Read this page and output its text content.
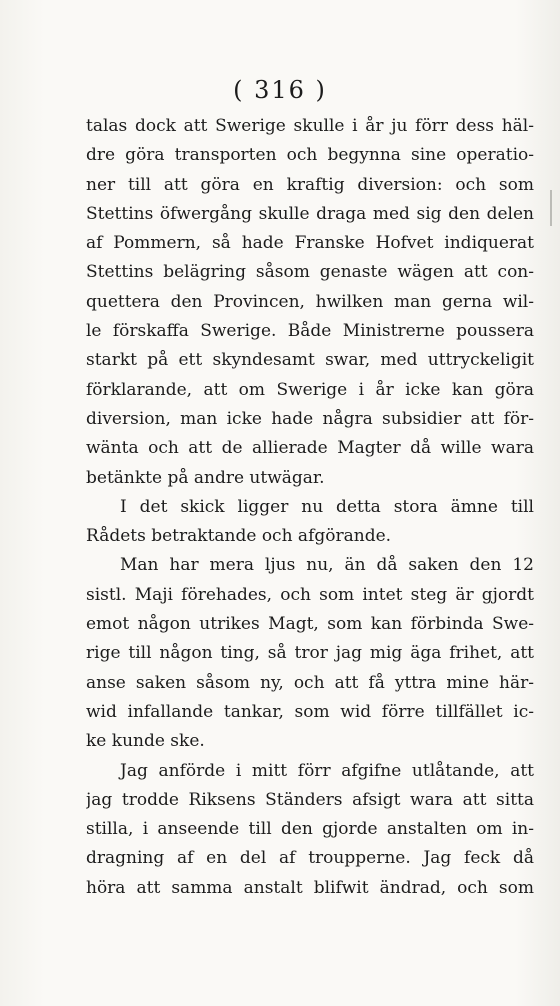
( 316 )
talas dock att Swerige skulle i år ju förr dess häl-
dre göra transporten och begynna sine operatio-
ner till att göra en kraftig diversion: och som
Stettins öfwergång skulle draga med sig den delen
af Pommern, så hade Franske Hofvet indiquerat
Stettins belägring såsom genaste wägen att con-
quettera den Provincen, hwilken man gerna wil-
le förskaffa Swerige. Både Ministrerne poussera
starkt på ett skyndesamt swar, med uttryckeligit
förklarande, att om Swerige i år icke kan göra
diversion, man icke hade några subsidier att för-
wänta och att de allierade Magter då wille wara
betänkte på andre utwägar.
I det skick ligger nu detta stora ämne till
Rådets betraktande och afgörande.
Man har mera ljus nu, än då saken den 12
sistl. Maji förehades, och som intet steg är gjordt
emot någon utrikes Magt, som kan förbinda Swe-
rige till någon ting, så tror jag mig äga frihet, att
anse saken såsom ny, och att få yttra mine här-
wid infallande tankar, som wid förre tillfället ic-
ke kunde ske.
Jag anförde i mitt förr afgifne utlåtande, att
jag trodde Riksens Ständers afsigt wara att sitta
stilla, i anseende till den gjorde anstalten om in-
dragning af en del af troupperne. Jag feck då
höra att samma anstalt blifwit ändrad, och som
